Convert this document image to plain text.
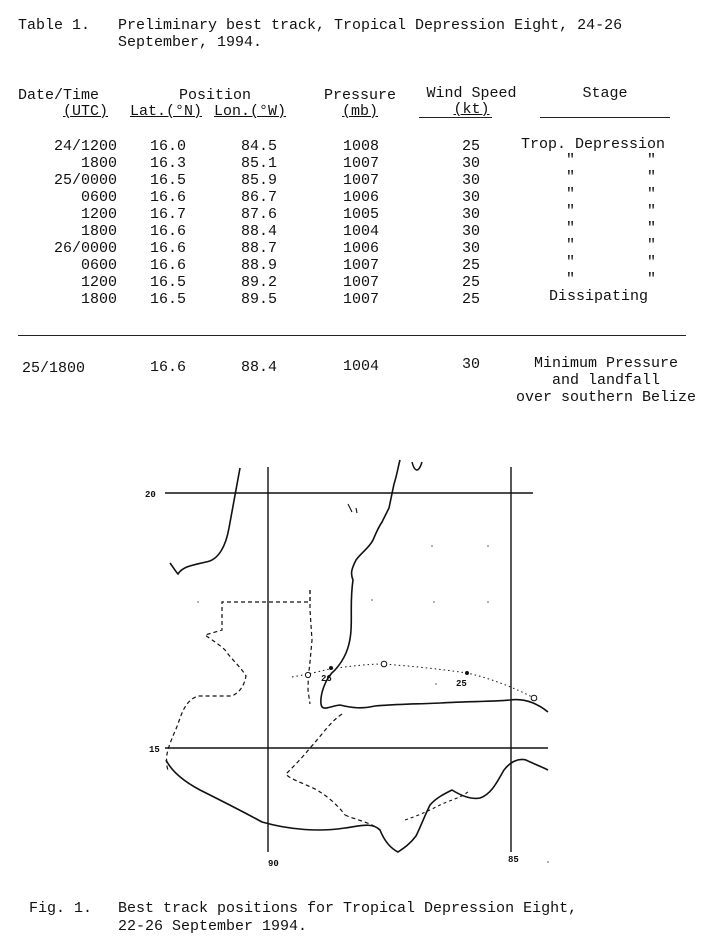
Table 1. Preliminary best track, Tropical Depression Eight, 24-26
September, 1994.
Date/Time
(UTC)
Position
Lat.(°N) Lon.(°W)
Pressure
(mb)
Wind Speed
(kt)
Stage
24/1200 16.0	84.5	1008	25	Trop. Depression
1800 16.3	85.1	1007	30	"        "
25/0000 16.5	85.9	1007	30	"        "
0600 16.6	86.7	1006	30	"        "
1200 16.7	87.6	1005	30	"        "
1800 16.6	88.4	1004	30	"        "
26/0000 16.6	88.7	1006	30	"        "
0600 16.6	88.9	1007	25	"        "
1200 16.5	89.2	1007	25	"        "
1800 16.5	89.5	1007	25	Dissipating
25/1800	16.6	88.4	1004	30	Minimum Pressure
and landfall
over southern Belize
20
15
90	85
26	25
Fig. 1. Best track positions for Tropical Depression Eight,
22-26 September 1994.
